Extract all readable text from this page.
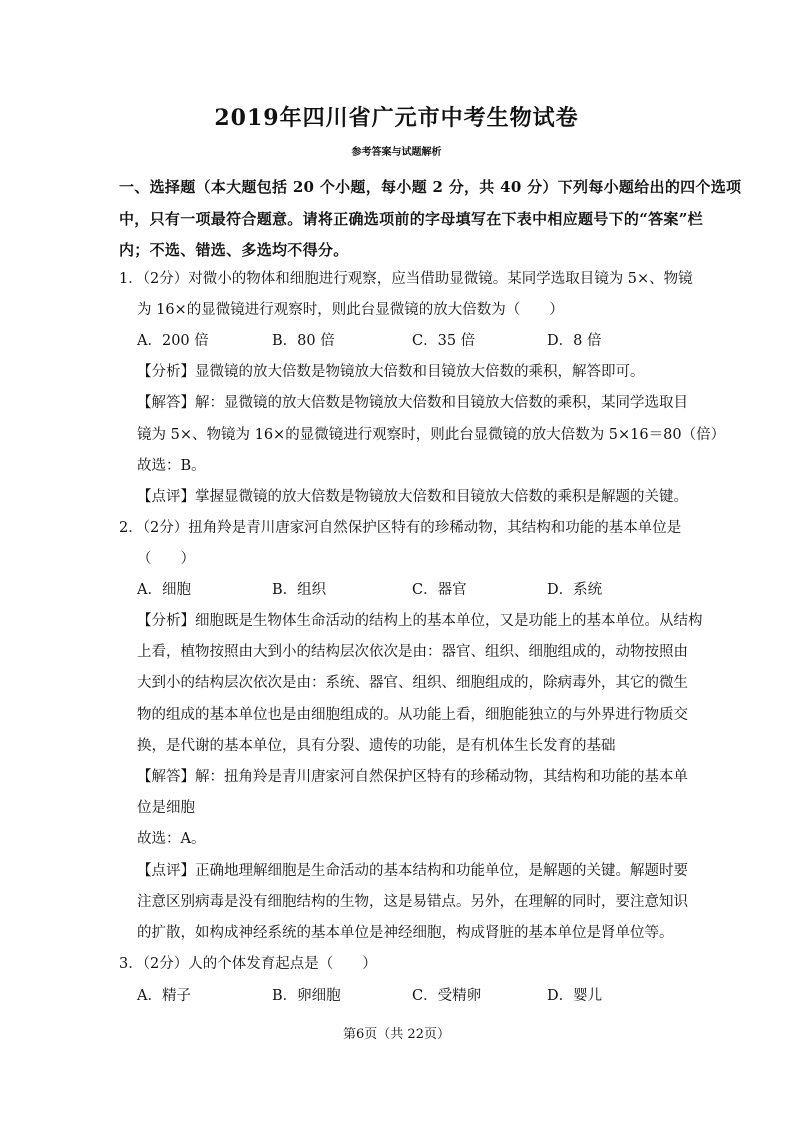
2019年四川省广元市中考生物试卷
参考答案与试题解析
一、选择题（本大题包括 20 个小题，每小题 2 分，共 40 分）下列每小题给出的四个选项
中，只有一项最符合题意。请将正确选项前的字母填写在下表中相应题号下的“答案”栏
内；不选、错选、多选均不得分。
1．（2分）对微小的物体和细胞进行观察，应当借助显微镜。某同学选取目镜为 5×、物镜
为 16×的显微镜进行观察时，则此台显微镜的放大倍数为（　　）
A．200 倍	B．80 倍	C．35 倍	D．8 倍
【分析】显微镜的放大倍数是物镜放大倍数和目镜放大倍数的乘积，解答即可。
【解答】解：显微镜的放大倍数是物镜放大倍数和目镜放大倍数的乘积，某同学选取目
镜为 5×、物镜为 16×的显微镜进行观察时，则此台显微镜的放大倍数为 5×16＝80（倍）
故选：B。
【点评】掌握显微镜的放大倍数是物镜放大倍数和目镜放大倍数的乘积是解题的关键。
2．（2分）扭角羚是青川唐家河自然保护区特有的珍稀动物，其结构和功能的基本单位是
（　　）
A．细胞	B．组织	C．器官	D．系统
【分析】细胞既是生物体生命活动的结构上的基本单位，又是功能上的基本单位。从结构
上看，植物按照由大到小的结构层次依次是由：器官、组织、细胞组成的，动物按照由
大到小的结构层次依次是由：系统、器官、组织、细胞组成的，除病毒外，其它的微生
物的组成的基本单位也是由细胞组成的。从功能上看，细胞能独立的与外界进行物质交
换，是代谢的基本单位，具有分裂、遗传的功能，是有机体生长发育的基础
【解答】解：扭角羚是青川唐家河自然保护区特有的珍稀动物，其结构和功能的基本单
位是细胞
故选：A。
【点评】正确地理解细胞是生命活动的基本结构和功能单位，是解题的关键。解题时要
注意区别病毒是没有细胞结构的生物，这是易错点。另外，在理解的同时，要注意知识
的扩散，如构成神经系统的基本单位是神经细胞，构成肾脏的基本单位是肾单位等。
3．（2分）人的个体发育起点是（　　）
A．精子	B．卵细胞	C．受精卵	D．婴儿
第6页（共 22页）
